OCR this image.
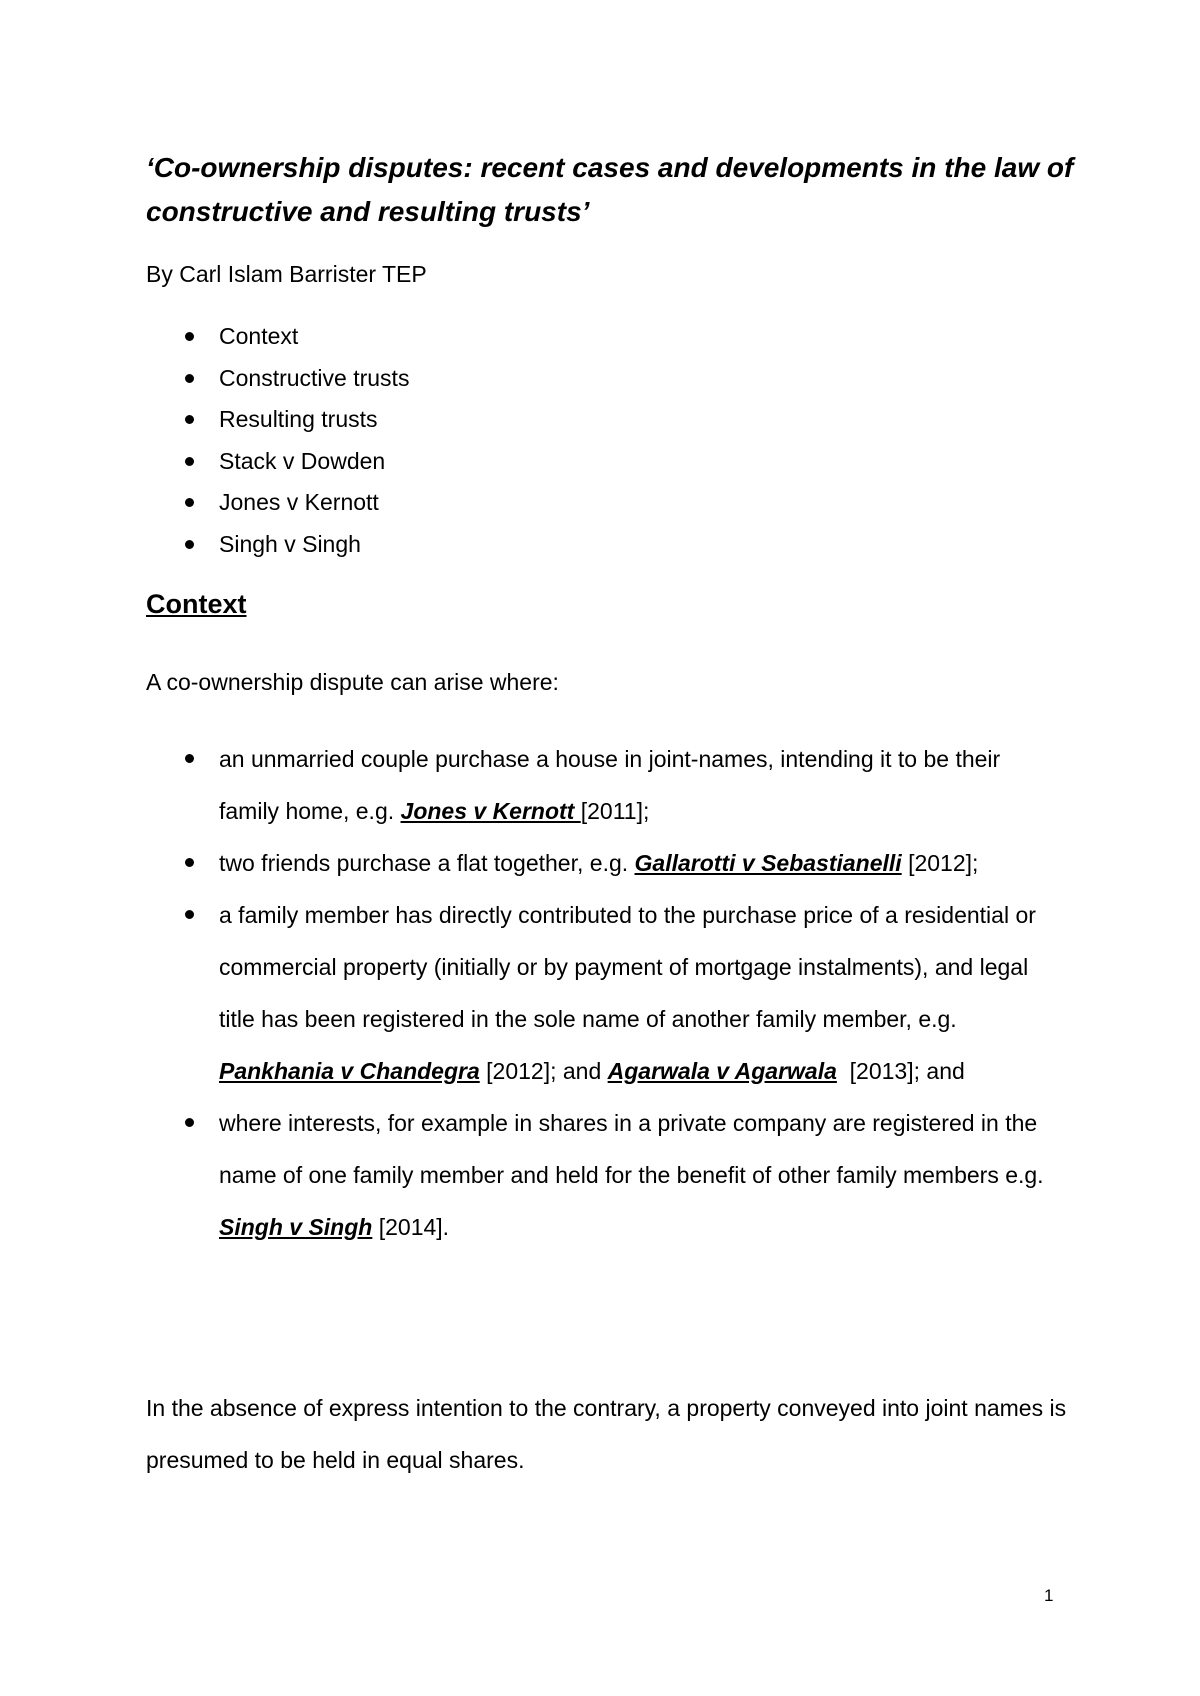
‘Co-ownership disputes: recent cases and developments in the law of constructive and resulting trusts’

By Carl Islam Barrister TEP

Context
Constructive trusts
Resulting trusts
Stack v Dowden
Jones v Kernott
Singh v Singh
Context

A co-ownership dispute can arise where:

an unmarried couple purchase a house in joint-names, intending it to be their family home, e.g. Jones v Kernott [2011];
two friends purchase a flat together, e.g. Gallarotti v Sebastianelli [2012];
a family member has directly contributed to the purchase price of a residential or commercial property (initially or by payment of mortgage instalments), and legal title has been registered in the sole name of another family member, e.g. Pankhania v Chandegra [2012]; and Agarwala v Agarwala  [2013]; and
where interests, for example in shares in a private company are registered in the name of one family member and held for the benefit of other family members e.g. Singh v Singh [2014].

In the absence of express intention to the contrary, a property conveyed into joint names is presumed to be held in equal shares.

1
